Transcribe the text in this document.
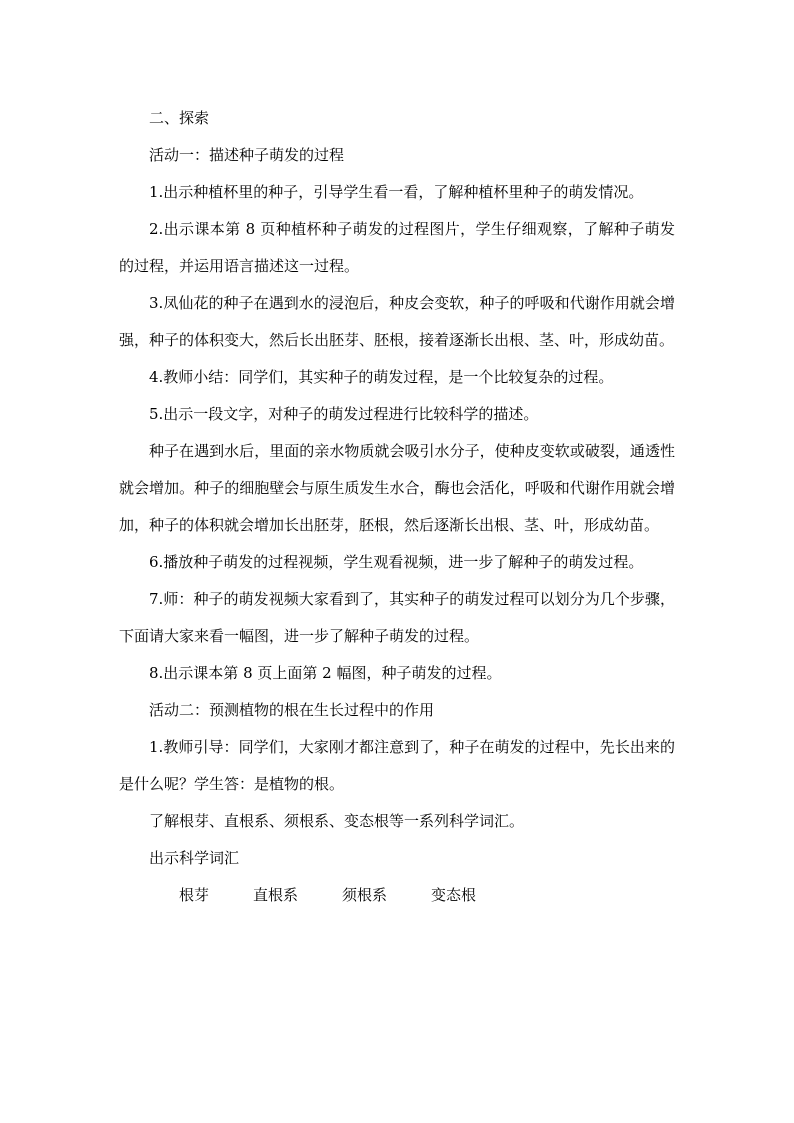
二、探索

活动一：描述种子萌发的过程

1.出示种植杯里的种子，引导学生看一看，了解种植杯里种子的萌发情况。

2.出示课本第 8 页种植杯种子萌发的过程图片，学生仔细观察，了解种子萌发的过程，并运用语言描述这一过程。

3.凤仙花的种子在遇到水的浸泡后，种皮会变软，种子的呼吸和代谢作用就会增强，种子的体积变大，然后长出胚芽、胚根，接着逐渐长出根、茎、叶，形成幼苗。

4.教师小结：同学们，其实种子的萌发过程，是一个比较复杂的过程。

5.出示一段文字，对种子的萌发过程进行比较科学的描述。

种子在遇到水后，里面的亲水物质就会吸引水分子，使种皮变软或破裂，通透性就会增加。种子的细胞壁会与原生质发生水合，酶也会活化，呼吸和代谢作用就会增加，种子的体积就会增加长出胚芽，胚根，然后逐渐长出根、茎、叶，形成幼苗。

6.播放种子萌发的过程视频，学生观看视频，进一步了解种子的萌发过程。

7.师：种子的萌发视频大家看到了，其实种子的萌发过程可以划分为几个步骤，下面请大家来看一幅图，进一步了解种子萌发的过程。

8.出示课本第 8 页上面第 2 幅图，种子萌发的过程。

活动二：预测植物的根在生长过程中的作用

1.教师引导：同学们，大家刚才都注意到了，种子在萌发的过程中，先长出来的是什么呢？学生答：是植物的根。

了解根芽、直根系、须根系、变态根等一系列科学词汇。

出示科学词汇

根芽	直根系	须根系	变态根
